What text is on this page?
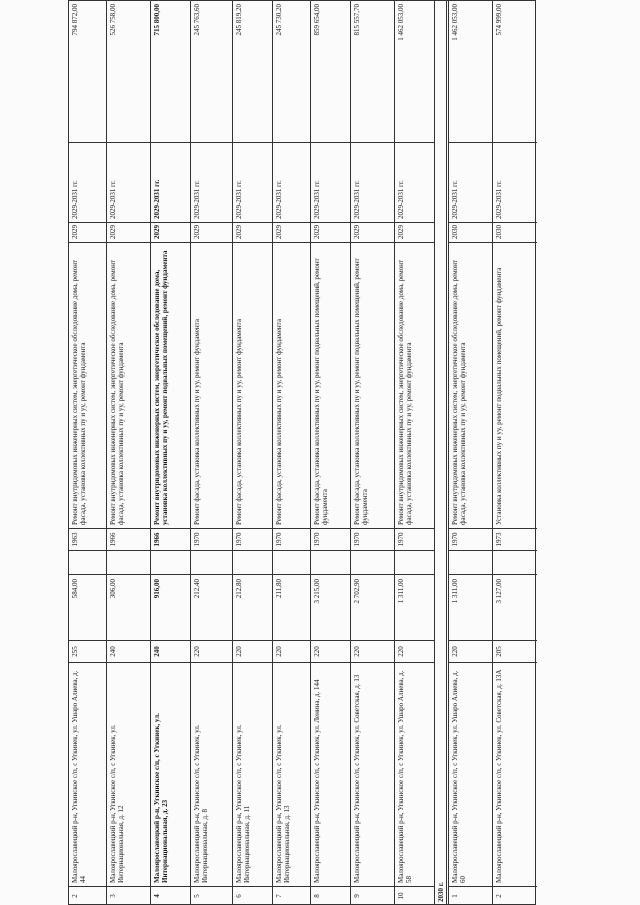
2
Малоярославецкий р-н, Угкинское с/п, с Угкинек, ул. Ушаро Алиева, д. 44
255
584,00
1963
Ремонт внутридомовых инженерных систем, энергетическое обследование дома, ремонт фасада, установка коллективных пу и уу, ремонт фундамента
2029
2029-2031 гг.
794 872,00
3
Малоярославецкий р-н, Угкинское с/п, с Угкинек, ул. Интернациональная, д. 12
240
306,00
1966
Ремонт внутридомовых инженерных систем, энергетическое обследование дома, ремонт фасада, установка коллективных пу и уу, ремонт фундамента
2029
2029-2031 гг.
526 758,00
4
Малоярославецкий р-н, Угкинское с/п, с Угкинек, ул. Интернациональная, д. 23
240
916,00
1966
Ремонт внутридомовых инженерных систем, энергетическое обследование дома, установка коллективных пу и уу, ремонт подвальных помещений, ремонт фундамента
2029
2029-2031 гг.
715 800,00
5
Малоярославецкий р-н, Угкинское с/п, с Угкинек, ул. Интернациональная, д. 8
220
212,40
1970
Ремонт фасада, установка коллективных пу и уу, ремонт фундамента
2029
2029-2031 гг.
245 763,60
6
Малоярославецкий р-н, Угкинское с/п, с Угкинек, ул. Интернациональная, д. 11
220
212,80
1970
Ремонт фасада, установка коллективных пу и уу, ремонт фундамента
2029
2029-2031 гг.
245 819,20
7
Малоярославецкий р-н, Угкинское с/п, с Угкинек, ул. Интернациональная, д. 13
220
211,80
1970
Ремонт фасада, установка коллективных пу и уу, ремонт фундамента
2029
2029-2031 гг.
245 730,20
8
Малоярославецкий р-н, Угкинское с/п, с Угкинек, ул. Ленина, д. 144
220
3 215,00
1970
Ремонт фасада, установка коллективных пу и уу, ремонт подвальных помещений, ремонт фундамента
2029
2029-2031 гг.
859 654,00
9
Малоярославецкий р-н, Угкинское с/п, с Угкинек, ул. Советская, д. 13
220
2 702,90
1970
Ремонт фасада, установка коллективных пу и уу, ремонт подвальных помещений, ремонт фундамента
2029
2029-2031 гг.
815 557,70
10
Малоярославецкий р-н, Угкинское с/п, с Угкинек, ул. Ушаро Алиева, д. 58
220
1 311,00
1970
Ремонт внутридомовых инженерных систем, энергетическое обследование дома, ремонт фасада, установка коллективных пу и уу, ремонт фундамента
2029
2029-2031 гг.
1 462 053,00
2030 г. 1
Малоярославецкий р-н, Угкинское с/п, с Угкинек, ул. Ушаро Алиева, д. 60
220
1 311,00
1970
Ремонт внутридомовых инженерных систем, энергетическое обследование дома, ремонт фасада, установка коллективных пу и уу, ремонт фундамента
2030
2029-2031 гг.
1 462 053,00
2
Малоярославецкий р-н, Угкинское с/п, с Угкинек, ул. Советская, д. 13А
205
3 127,00
1973
Установка коллективных пу и уу, ремонт подвальных помещений, ремонт фундамента
2030
2029-2031 гг.
574 999,00
